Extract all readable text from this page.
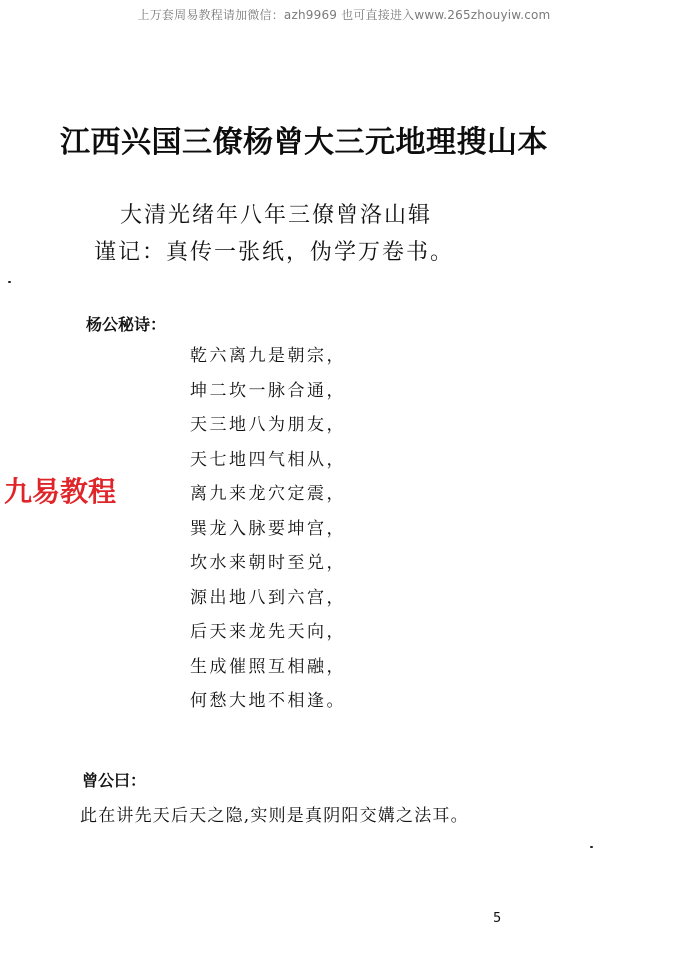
上万套周易教程请加微信：azh9969 也可直接进入www.265zhouyiw.com
江西兴国三僚杨曾大三元地理搜山本
大清光绪年八年三僚曾洛山辑
谨记：真传一张纸，伪学万卷书。
杨公秘诗：
乾六离九是朝宗，
坤二坎一脉合通，
天三地八为朋友，
天七地四气相从，
离九来龙穴定震，
巽龙入脉要坤宫，
坎水来朝时至兑，
源出地八到六宫，
后天来龙先天向，
生成催照互相融，
何愁大地不相逢。
九易教程
曾公曰：
此在讲先天后天之隐,实则是真阴阳交媾之法耳。
5
